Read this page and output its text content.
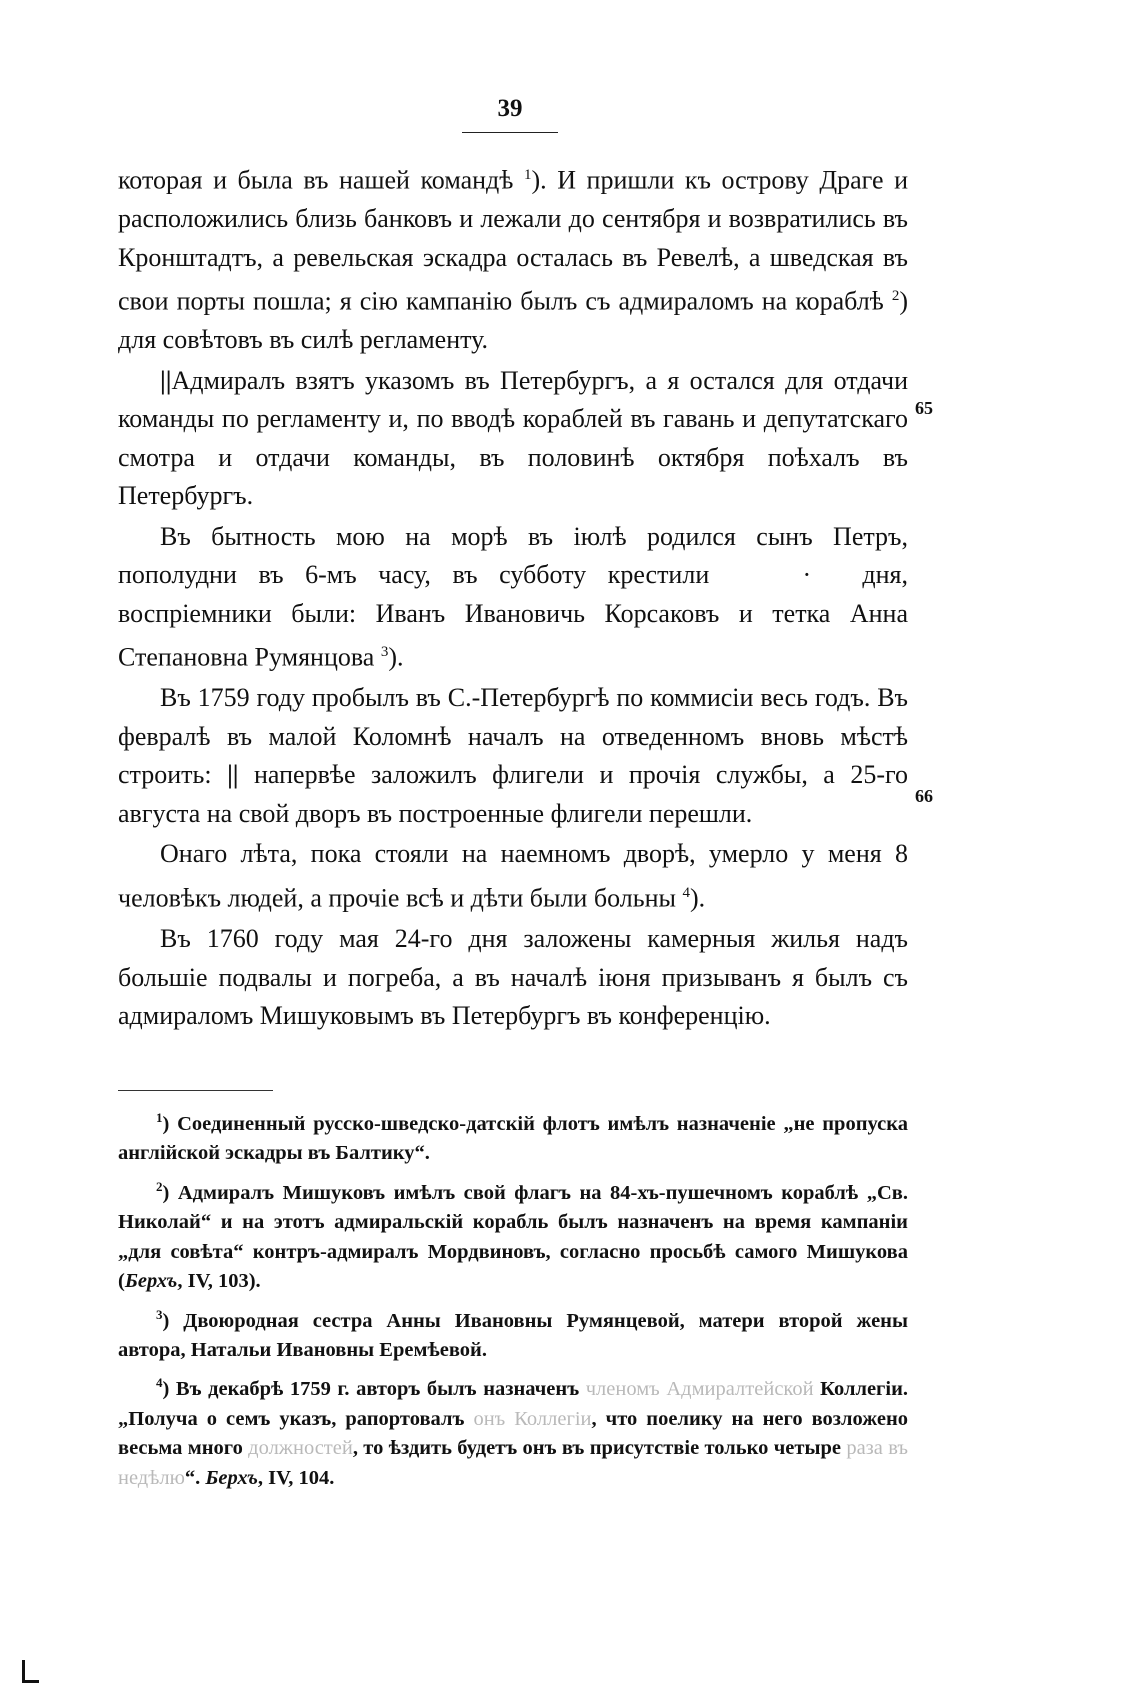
39

которая и была въ нашей командѣ $^1$). И пришли къ острову Драге и расположились близь банковъ и лежали до сентября и возвратились въ Кронштадтъ, а ревельская эскадра осталась въ Ревелѣ, а шведская въ свои порты пошла; я сію кампанію былъ съ адмираломъ на кораблѣ $^2$) для совѣтовъ въ силѣ регламенту.

||Адмиралъ взятъ указомъ въ Петербургъ, а я остался для отдачи команды по регламенту и, по вводѣ кораблей въ гавань и депутатскаго смотра и отдачи команды, въ половинѣ октября поѣхалъ въ Петербургъ.

Въ бытность мою на морѣ въ іюлѣ родился сынъ Петръ, пополудни въ 6-мъ часу, въ субботу крестили	· дня, воспріемники были: Иванъ Ивановичь Корсаковъ и тетка Анна Степановна Румянцова $^3$).

Въ 1759 году пробылъ въ С.-Петербургѣ по коммисіи весь годъ. Въ февралѣ въ малой Коломнѣ началъ на отведенномъ вновь мѣстѣ строить: || напервѣе заложилъ флигели и прочія службы, а 25-го августа на свой дворъ въ построенные флигели перешли.

Онаго лѣта, пока стояли на наемномъ дворѣ, умерло у меня 8 человѣкъ людей, а прочіе всѣ и дѣти были больны $^4$).

Въ 1760 году мая 24-го дня заложены камерныя жилья надъ большіе подвалы и погреба, а въ началѣ іюня призыванъ я былъ съ адмираломъ Мишуковымъ въ Петербургъ въ конференцію.

65
66

$^1$) Соединенный русско-шведско-датскій флотъ имѣлъ назначеніе „не пропуска англійской эскадры въ Балтику“.

$^2$) Адмиралъ Мишуковъ имѣлъ свой флагъ на 84-хъ-пушечномъ кораблѣ „Св. Николай“ и на этотъ адмиральскій корабль былъ назначенъ на время кампаніи „для совѣта“ контръ-адмиралъ Мордвиновъ, согласно просьбѣ самого Мишукова (Берхъ, IV, 103).

$^3$) Двоюродная сестра Анны Ивановны Румянцевой, матери второй жены автора, Натальи Ивановны Еремѣевой.

$^4$) Въ декабрѣ 1759 г. авторъ былъ назначенъ членомъ Адмиралтейской Коллегіи. „Получа о семъ указъ, рапортовалъ онъ Коллегіи, что поелику на него возложено весьма много должностей, то ѣздить будетъ онъ въ присутствіе только четыре раза въ недѣлю“. Берхъ, IV, 104.
